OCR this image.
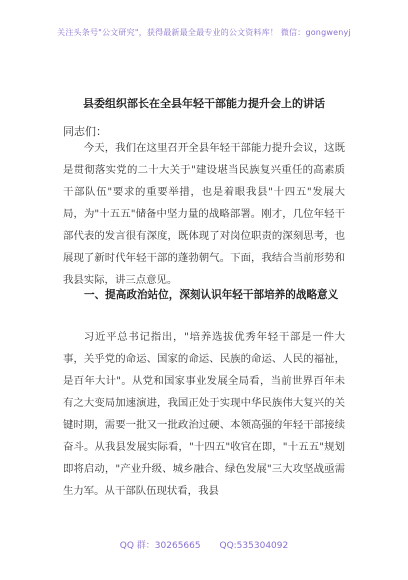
关注头条号"公文研究"，获得最新最全最专业的公文资料库！ 微信：gongwenyj
县委组织部长在全县年轻干部能力提升会上的讲话
同志们：

今天，我们在这里召开全县年轻干部能力提升会议，这既是贯彻落实党的二十大关于"建设堪当民族复兴重任的高素质干部队伍"要求的重要举措，也是着眼我县"十四五"发展大局，为"十五五"储备中坚力量的战略部署。刚才，几位年轻干部代表的发言很有深度，既体现了对岗位职责的深刻思考，也展现了新时代年轻干部的蓬勃朝气。下面，我结合当前形势和我县实际，讲三点意见。

一、提高政治站位，深刻认识年轻干部培养的战略意义

习近平总书记指出，"培养选拔优秀年轻干部是一件大事，关乎党的命运、国家的命运、民族的命运、人民的福祉，是百年大计"。从党和国家事业发展全局看，当前世界百年未有之大变局加速演进，我国正处于实现中华民族伟大复兴的关键时期，需要一批又一批政治过硬、本领高强的年轻干部接续奋斗。从我县发展实际看，"十四五"收官在即，"十五五"规划即将启动，"产业升级、城乡融合、绿色发展"三大攻坚战亟需生力军。从干部队伍现状看，我县

QQ 群：30265665 QQ:535304092
